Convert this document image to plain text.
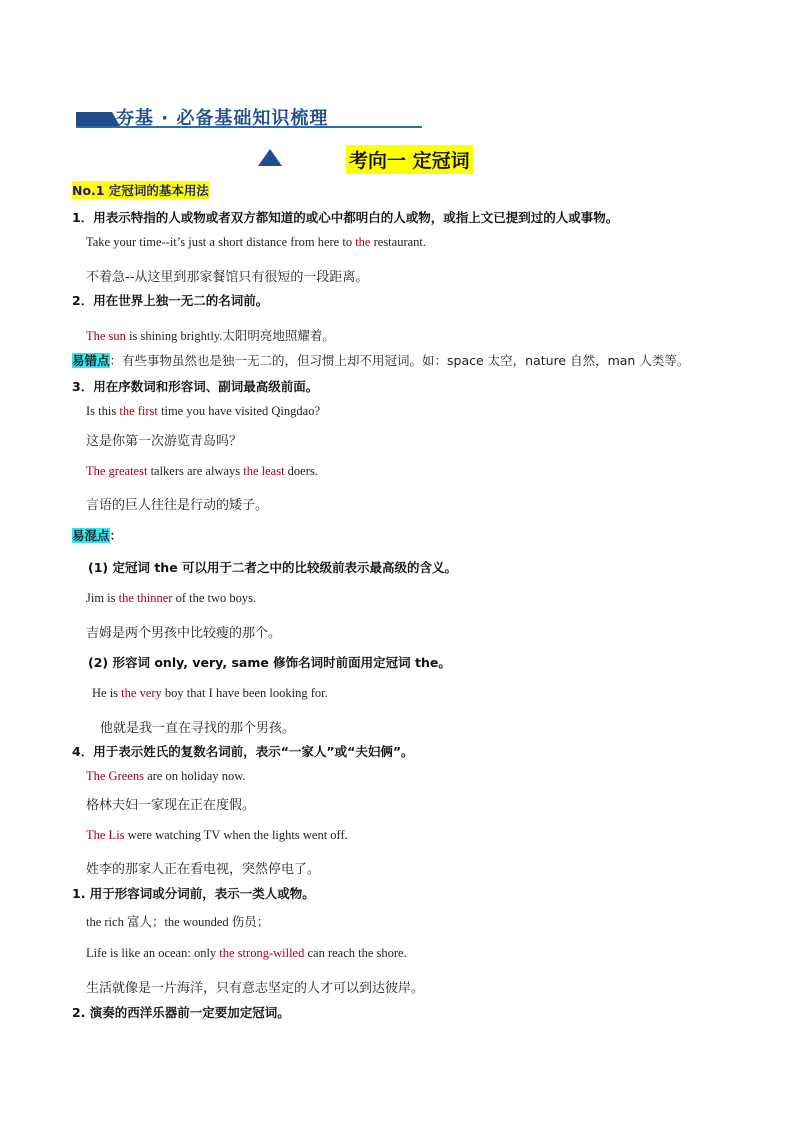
夯基 · 必备基础知识梳理
考向一 定冠词
No.1 定冠词的基本用法
1．用表示特指的人或物或者双方都知道的或心中都明白的人或物，或指上文已提到过的人或事物。
Take your time--it’s just a short distance from here to the restaurant.
不着急--从这里到那家餐馆只有很短的一段距离。
2．用在世界上独一无二的名词前。
The sun is shining brightly.太阳明亮地照耀着。
易错点：有些事物虽然也是独一无二的，但习惯上却不用冠词。如：space 太空，nature 自然，man 人类等。
3．用在序数词和形容词、副词最高级前面。
Is this the first time you have visited Qingdao?
这是你第一次游览青岛吗？
The greatest talkers are always the least doers.
言语的巨人往往是行动的矮子。
易混点：
(1) 定冠词 the 可以用于二者之中的比较级前表示最高级的含义。
Jim is the thinner of the two boys.
吉姆是两个男孩中比较瘦的那个。
(2) 形容词 only, very, same 修饰名词时前面用定冠词 the。
He is the very boy that I have been looking for.
他就是我一直在寻找的那个男孩。
4．用于表示姓氏的复数名词前，表示“一家人”或“夫妇俩”。
The Greens are on holiday now.
格林夫妇一家现在正在度假。
The Lis were watching TV when the lights went off.
姓李的那家人正在看电视，突然停电了。
1. 用于形容词或分词前，表示一类人或物。
the rich 富人；the wounded 伤员；
Life is like an ocean: only the strong-willed can reach the shore.
生活就像是一片海洋，只有意志坚定的人才可以到达彼岸。
2. 演奏的西洋乐器前一定要加定冠词。
